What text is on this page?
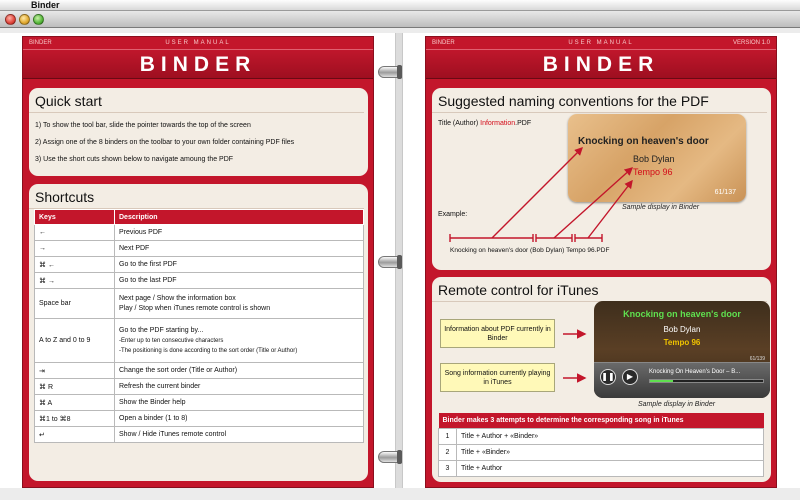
Binder
BINDER	USER MANUAL
BINDER
Quick start
1) To show the tool bar, slide the pointer towards the top of the screen
2) Assign one of the 8 binders on the toolbar to your own folder containing PDF files
3) Use the short cuts shown below to navigate amoung the PDF
Shortcuts
Keys	Description
←	Previous PDF
→	Next PDF
⌘ ←	Go to the first PDF
⌘ →	Go to the last PDF
Space bar	Next page / Show the information box
Play / Stop when iTunes remote control is shown

A to Z and 0 to 9	Go to the PDF starting by...
-Enter up to ten consecutive characters
-The positioning is done according to the sort order (Title or Author)

⇥	Change the sort order (Title or Author)
⌘ R	Refresh the current binder
⌘ A	Show the Binder help
⌘1 to ⌘8	Open a binder (1 to 8)
↵	Show / Hide iTunes remote control
BINDER	USER MANUAL	VERSION 1.0
BINDER
Suggested naming conventions for the PDF
Title (Author) Information.PDF
Knocking on heaven's door
Bob Dylan
Tempo 96
61/137
Sample display in Binder
Example:
Knocking on heaven's door (Bob Dylan) Tempo 96.PDF
Remote control for iTunes
Information about PDF currently in Binder
Song information currently playing in iTunes
Knocking on heaven's door
Bob Dylan
Tempo 96
61/139
❚❚	▶	Knocking On Heaven's Door – B...
Sample display in Binder
Binder makes 3 attempts to determine the corresponding song in iTunes	
1	Title + Author + «Binder»
2	Title + «Binder»
3	Title + Author
